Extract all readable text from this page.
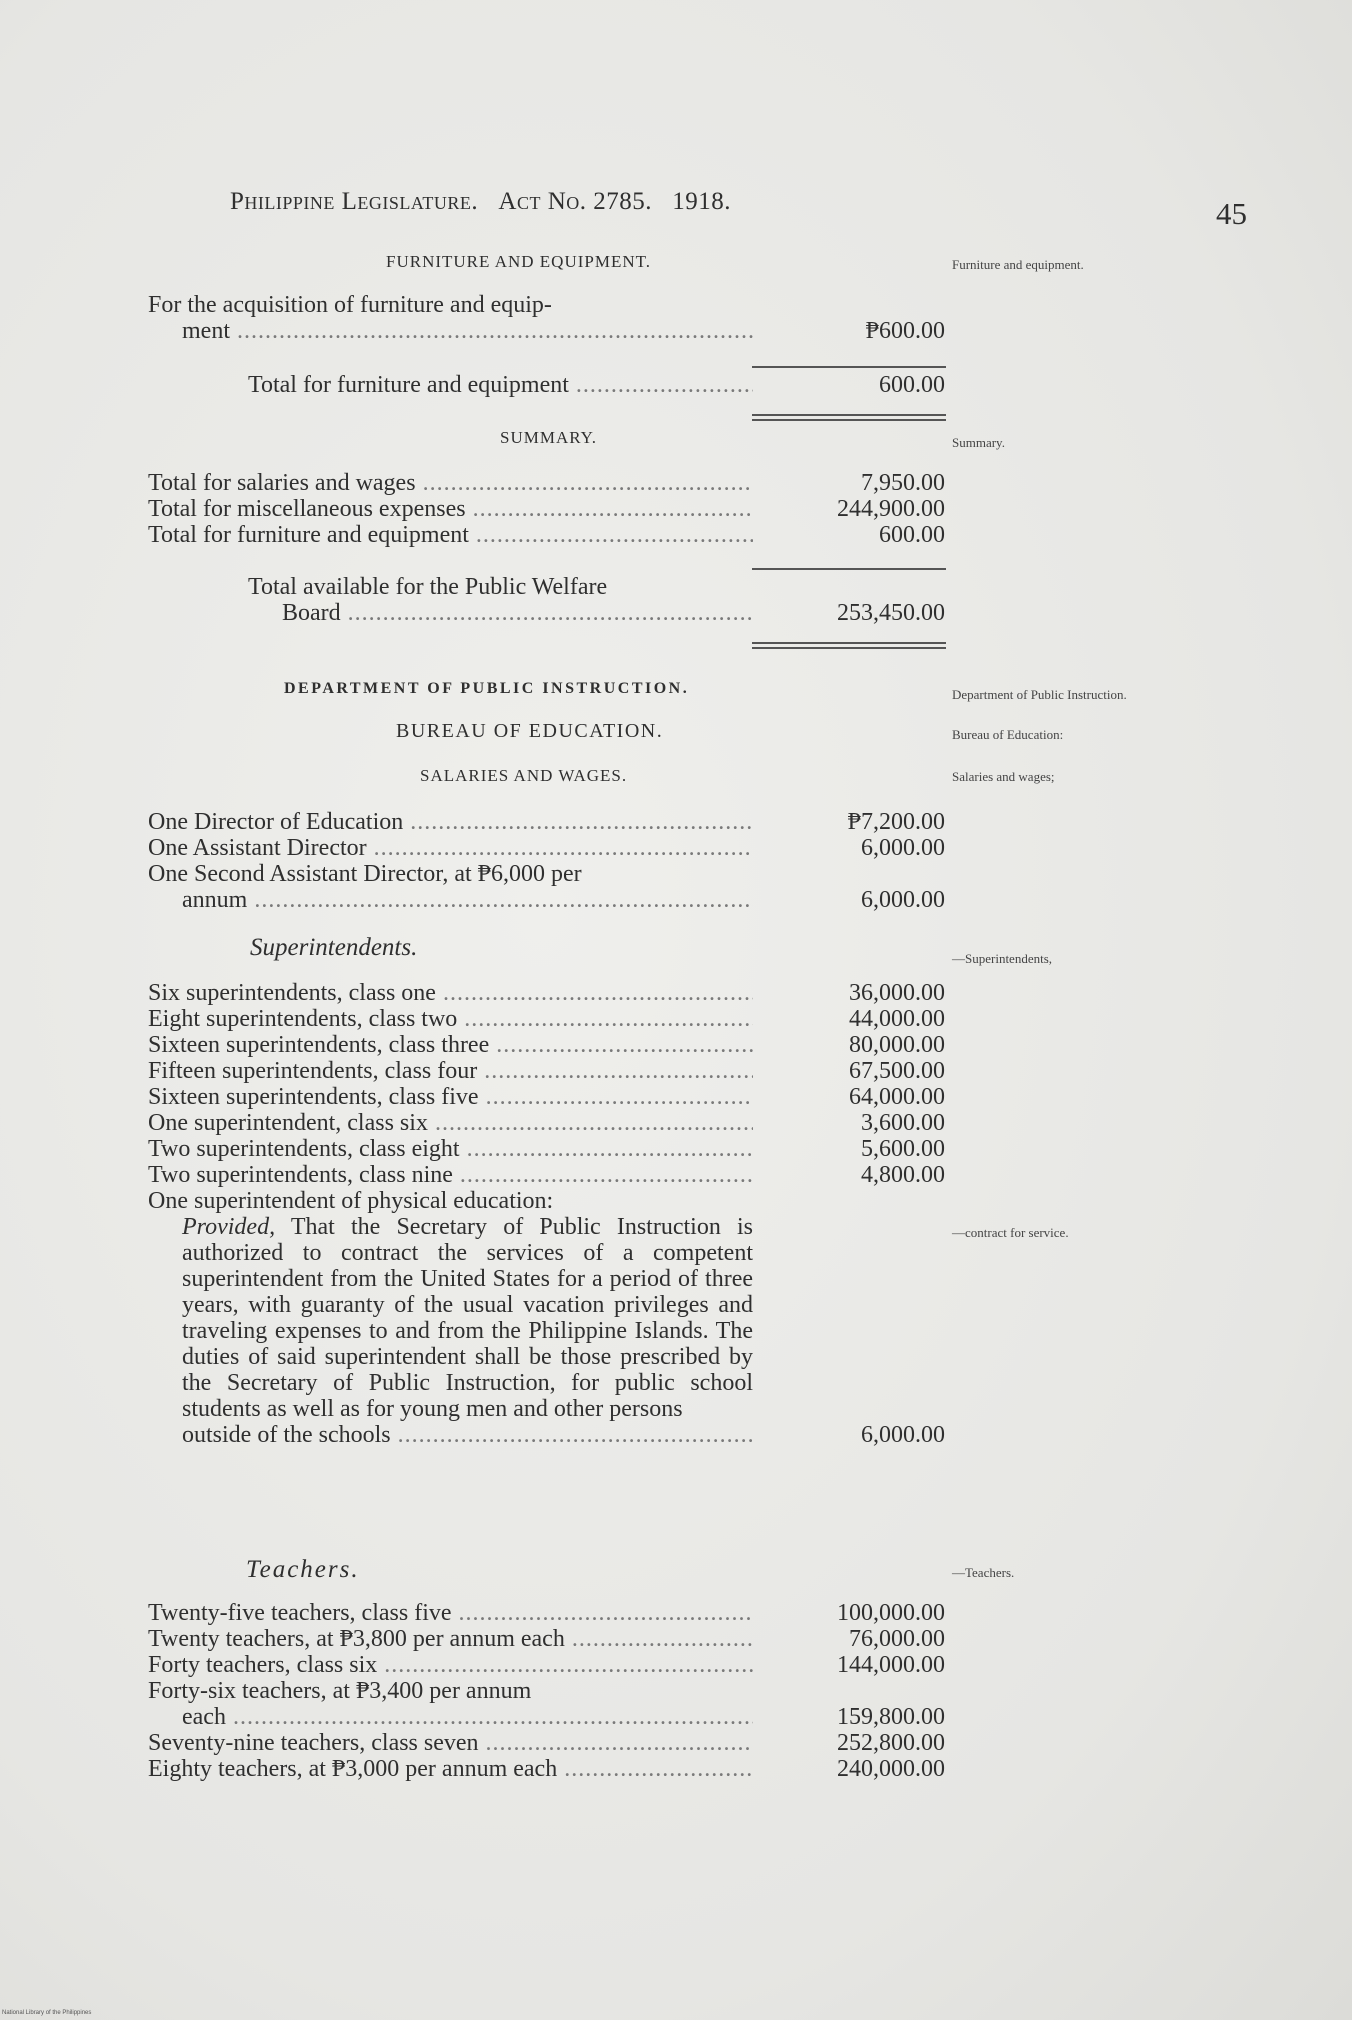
Philippine Legislature. Act No. 2785. 1918.	45
FURNITURE AND EQUIPMENT.
For the acquisition of furniture and equip-
ment .....	₱600.00
Total for furniture and equipment .....	600.00
SUMMARY.
Total for salaries and wages .....	7,950.00
Total for miscellaneous expenses .....	244,900.00
Total for furniture and equipment .....	600.00
Total available for the Public Welfare
Board .....	253,450.00
DEPARTMENT OF PUBLIC INSTRUCTION.
BUREAU OF EDUCATION.
SALARIES AND WAGES.
One Director of Education .....	₱7,200.00
One Assistant Director .....	6,000.00
One Second Assistant Director, at ₱6,000 per
annum .....	6,000.00
Superintendents.
Six superintendents, class one .....	36,000.00
Eight superintendents, class two .....	44,000.00
Sixteen superintendents, class three .....	80,000.00
Fifteen superintendents, class four .....	67,500.00
Sixteen superintendents, class five .....	64,000.00
One superintendent, class six .....	3,600.00
Two superintendents, class eight .....	5,600.00
Two superintendents, class nine .....	4,800.00
One superintendent of physical education:
Provided, That the Secretary of Public Instruction is authorized to contract the services of a competent superintendent from the United States for a period of three years, with guaranty of the usual vacation privileges and traveling expenses to and from the Philippine Islands. The duties of said superintendent shall be those prescribed by the Secretary of Public Instruction, for public school students as well as for young men and other persons
outside of the schools .....	6,000.00
Teachers.
Twenty-five teachers, class five .....	100,000.00
Twenty teachers, at ₱3,800 per annum each .....	76,000.00
Forty teachers, class six .....	144,000.00
Forty-six teachers, at ₱3,400 per annum
each .....	159,800.00
Seventy-nine teachers, class seven .....	252,800.00
Eighty teachers, at ₱3,000 per annum each .....	240,000.00
Furniture and equipment.
Summary.
Department of Public Instruction.
Bureau of Education:
Salaries and wages;
—Superintendents,
—contract for service.
—Teachers.
National Library of the Philippines
